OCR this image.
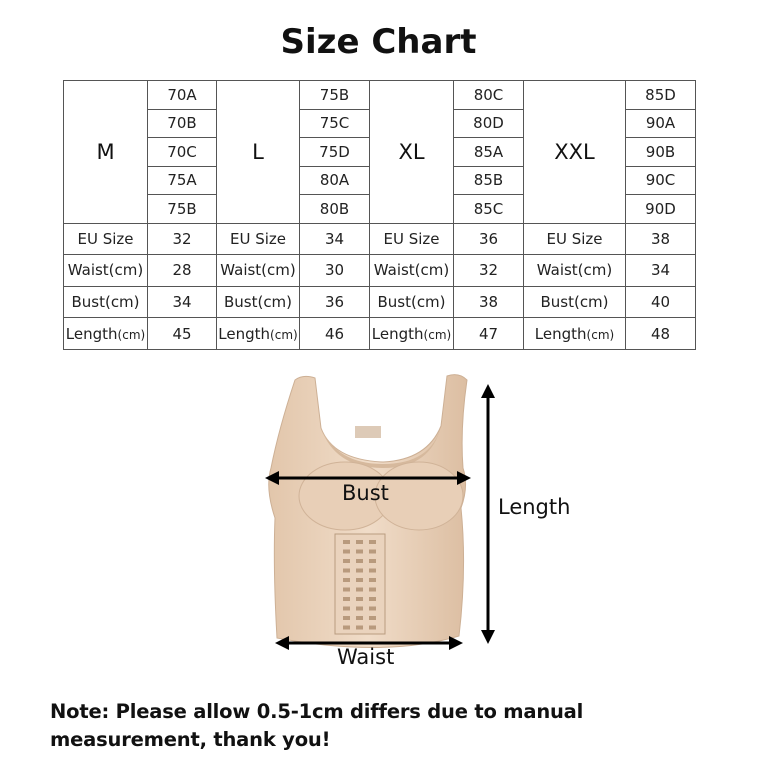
Size Chart
M	70A	L	75B	XL	80C	XXL	85D
	70B		75C		80D		90A
	70C		75D		85A		90B
	75A		80A		85B		90C
	75B		80B		85C		90D
EU Size	32	EU Size	34	EU Size	36	EU Size	38
Waist(cm)	28	Waist(cm)	30	Waist(cm)	32	Waist(cm)	34
Bust(cm)	34	Bust(cm)	36	Bust(cm)	38	Bust(cm)	40
Length(cm)	45	Length(cm)	46	Length(cm)	47	Length(cm)	48
Bust
Waist
Length
Note: Please allow 0.5-1cm differs due to manual measurement, thank you!
